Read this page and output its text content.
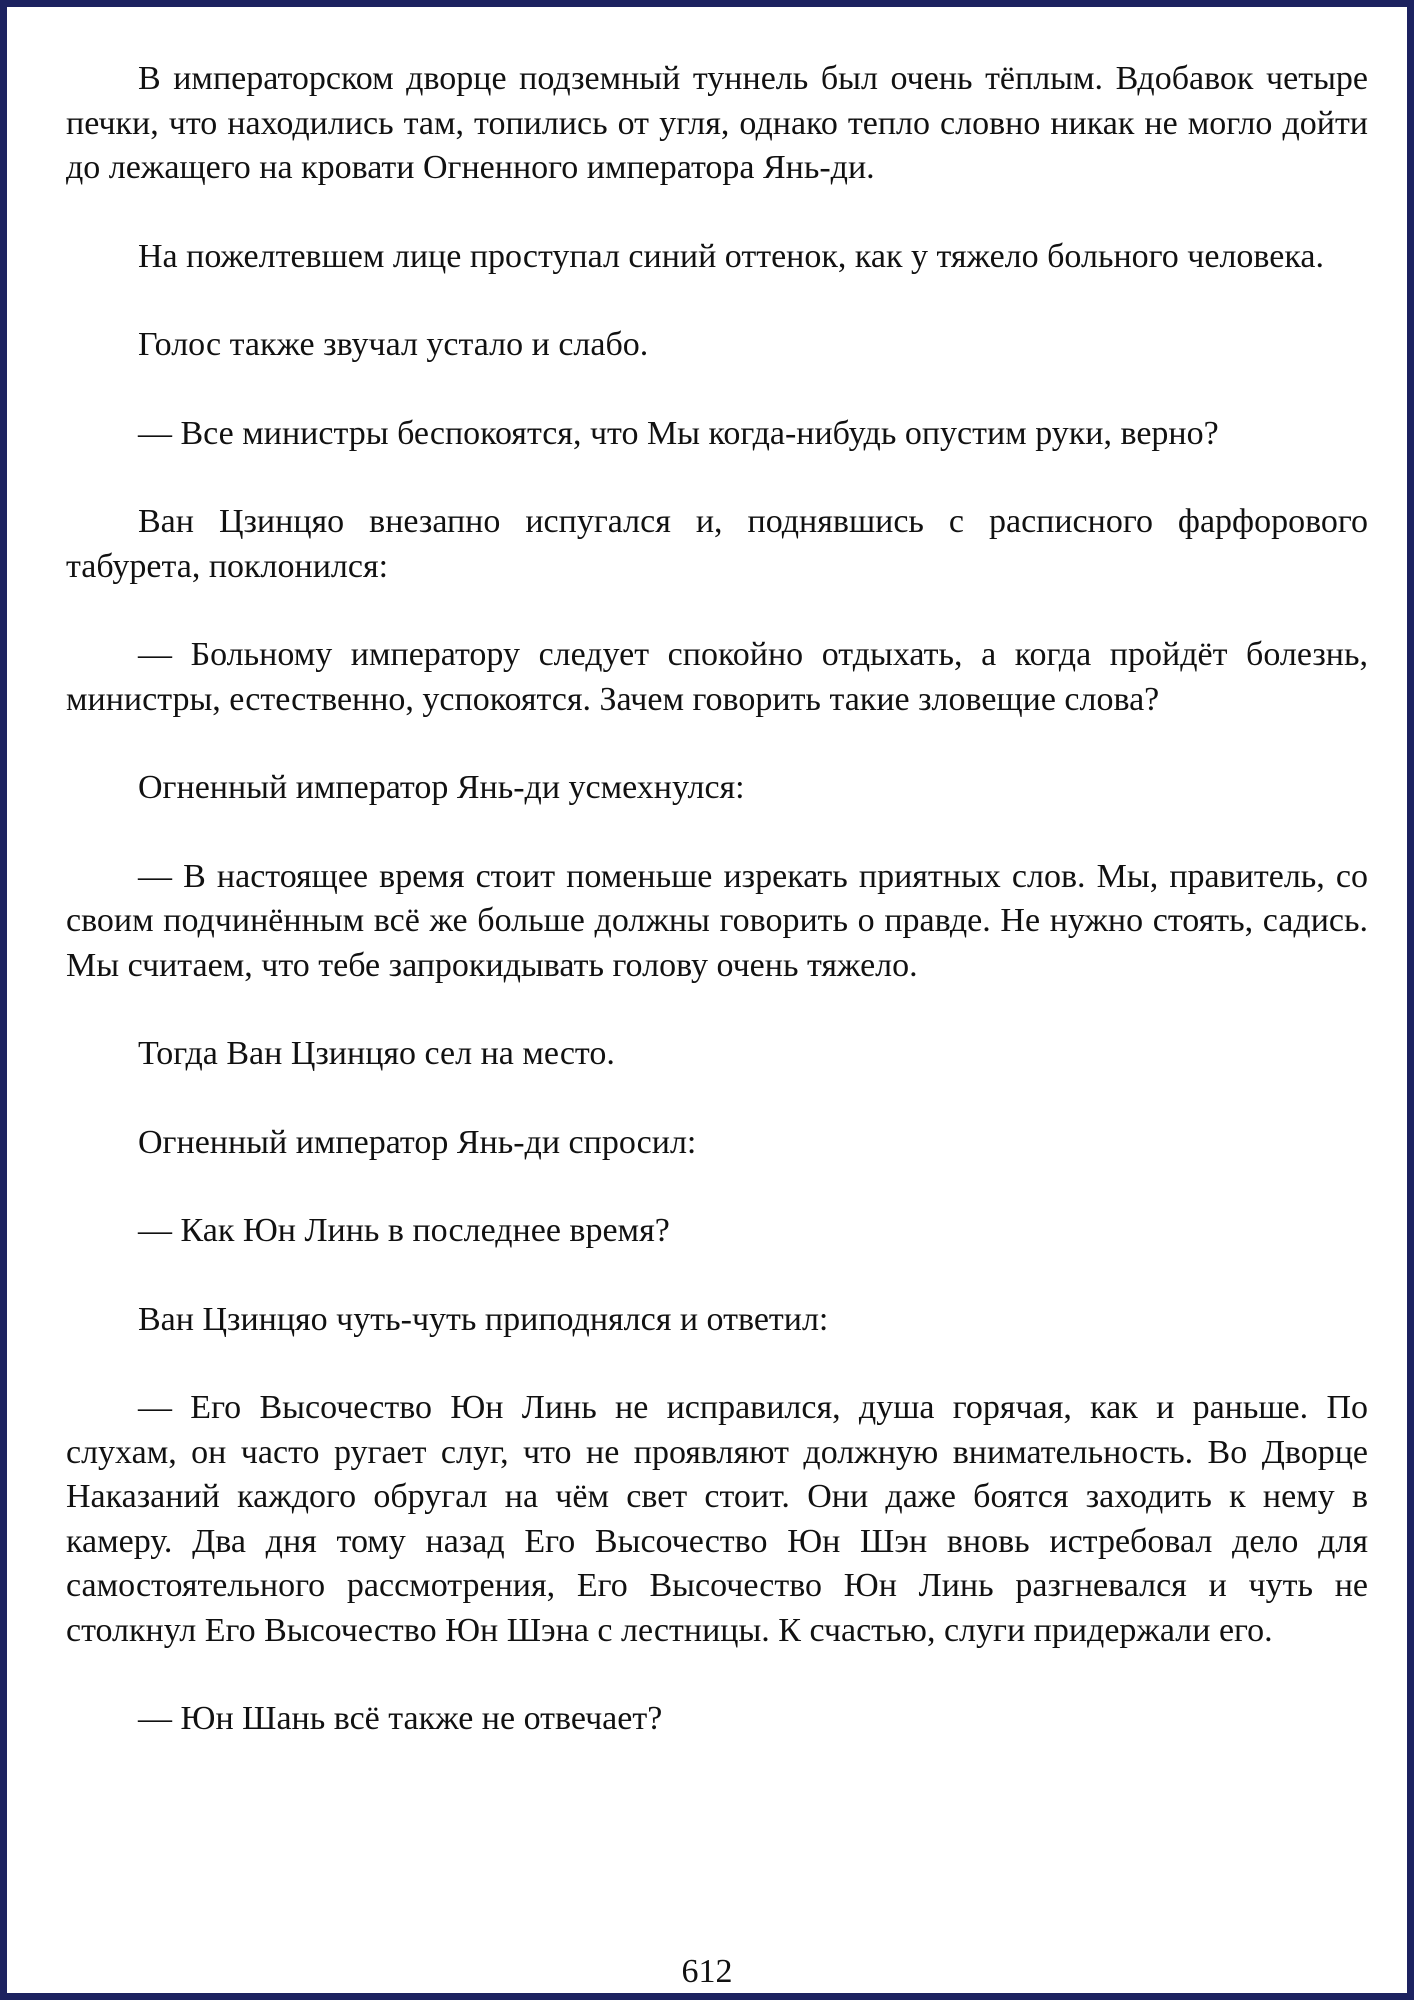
В императорском дворце подземный туннель был очень тёплым. Вдобавок четыре печки, что находились там, топились от угля, однако тепло словно никак не могло дойти до лежащего на кровати Огненного императора Янь-ди.

На пожелтевшем лице проступал синий оттенок, как у тяжело больного человека.

Голос также звучал устало и слабо.

— Все министры беспокоятся, что Мы когда-нибудь опустим руки, верно?

Ван Цзинцяо внезапно испугался и, поднявшись с расписного фарфорового табурета, поклонился:

— Больному императору следует спокойно отдыхать, а когда пройдёт болезнь, министры, естественно, успокоятся. Зачем говорить такие зловещие слова?

Огненный император Янь-ди усмехнулся:

— В настоящее время стоит поменьше изрекать приятных слов. Мы, правитель, со своим подчинённым всё же больше должны говорить о правде. Не нужно стоять, садись. Мы считаем, что тебе запрокидывать голову очень тяжело.

Тогда Ван Цзинцяо сел на место.

Огненный император Янь-ди спросил:

— Как Юн Линь в последнее время?

Ван Цзинцяо чуть-чуть приподнялся и ответил:

— Его Высочество Юн Линь не исправился, душа горячая, как и раньше. По слухам, он часто ругает слуг, что не проявляют должную внимательность. Во Дворце Наказаний каждого обругал на чём свет стоит. Они даже боятся заходить к нему в камеру. Два дня тому назад Его Высочество Юн Шэн вновь истребовал дело для самостоятельного рассмотрения, Его Высочество Юн Линь разгневался и чуть не столкнул Его Высочество Юн Шэна с лестницы. К счастью, слуги придержали его.

— Юн Шань всё также не отвечает?

612
